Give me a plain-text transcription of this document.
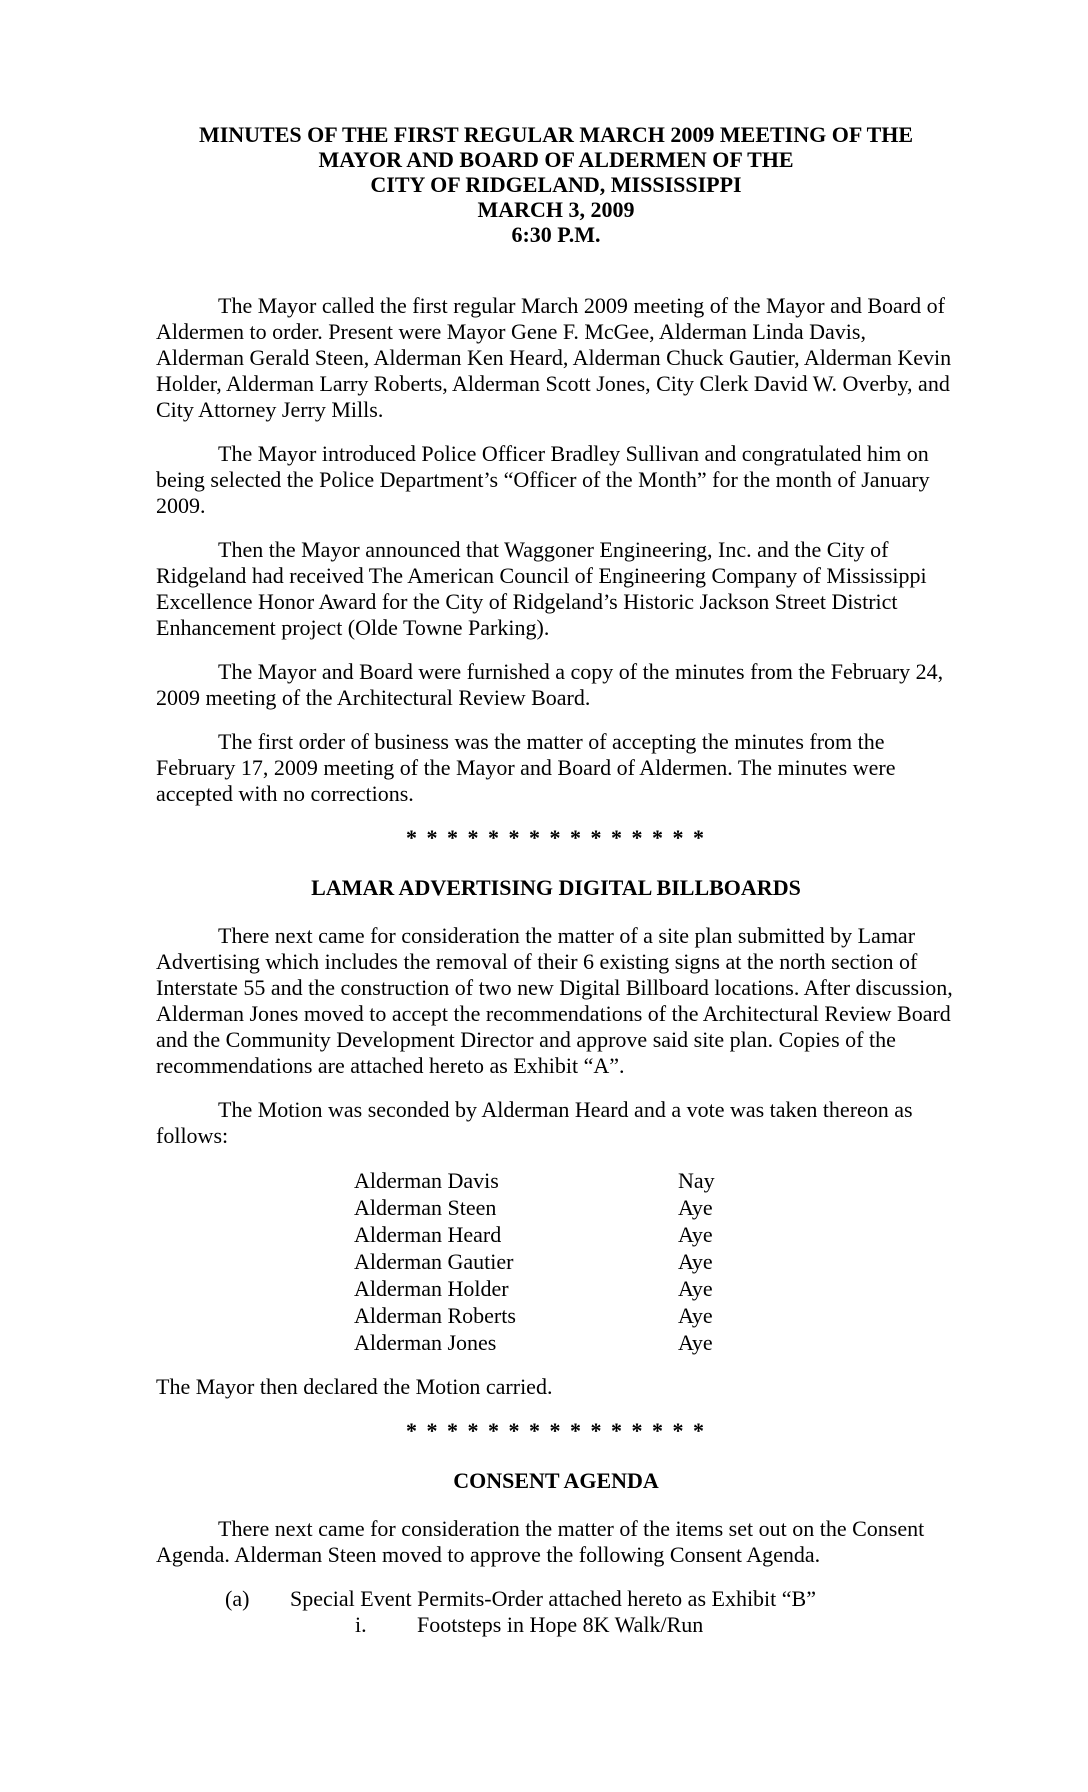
MINUTES OF THE FIRST REGULAR MARCH 2009 MEETING OF THE
MAYOR AND BOARD OF ALDERMEN OF THE
CITY OF RIDGELAND, MISSISSIPPI
MARCH 3, 2009
6:30 P.M.

The Mayor called the first regular March 2009 meeting of the Mayor and Board of Aldermen to order. Present were Mayor Gene F. McGee, Alderman Linda Davis, Alderman Gerald Steen, Alderman Ken Heard, Alderman Chuck Gautier, Alderman Kevin Holder, Alderman Larry Roberts, Alderman Scott Jones, City Clerk David W. Overby, and City Attorney Jerry Mills.

The Mayor introduced Police Officer Bradley Sullivan and congratulated him on being selected the Police Department’s “Officer of the Month” for the month of January 2009.

Then the Mayor announced that Waggoner Engineering, Inc. and the City of Ridgeland had received The American Council of Engineering Company of Mississippi Excellence Honor Award for the City of Ridgeland’s Historic Jackson Street District Enhancement project (Olde Towne Parking).

The Mayor and Board were furnished a copy of the minutes from the February 24, 2009 meeting of the Architectural Review Board.

The first order of business was the matter of accepting the minutes from the February 17, 2009 meeting of the Mayor and Board of Aldermen. The minutes were accepted with no corrections.

* * * * * * * * * * * * * * *
LAMAR ADVERTISING DIGITAL BILLBOARDS

There next came for consideration the matter of a site plan submitted by Lamar Advertising which includes the removal of their 6 existing signs at the north section of Interstate 55 and the construction of two new Digital Billboard locations. After discussion, Alderman Jones moved to accept the recommendations of the Architectural Review Board and the Community Development Director and approve said site plan. Copies of the recommendations are attached hereto as Exhibit “A”.

The Motion was seconded by Alderman Heard and a vote was taken thereon as follows:

Alderman Davis	Nay
Alderman Steen	Aye
Alderman Heard	Aye
Alderman Gautier	Aye
Alderman Holder	Aye
Alderman Roberts	Aye
Alderman Jones	Aye

The Mayor then declared the Motion carried.

* * * * * * * * * * * * * * *
CONSENT AGENDA

There next came for consideration the matter of the items set out on the Consent Agenda. Alderman Steen moved to approve the following Consent Agenda.

(a) Special Event Permits-Order attached hereto as Exhibit “B”
i. Footsteps in Hope 8K Walk/Run
